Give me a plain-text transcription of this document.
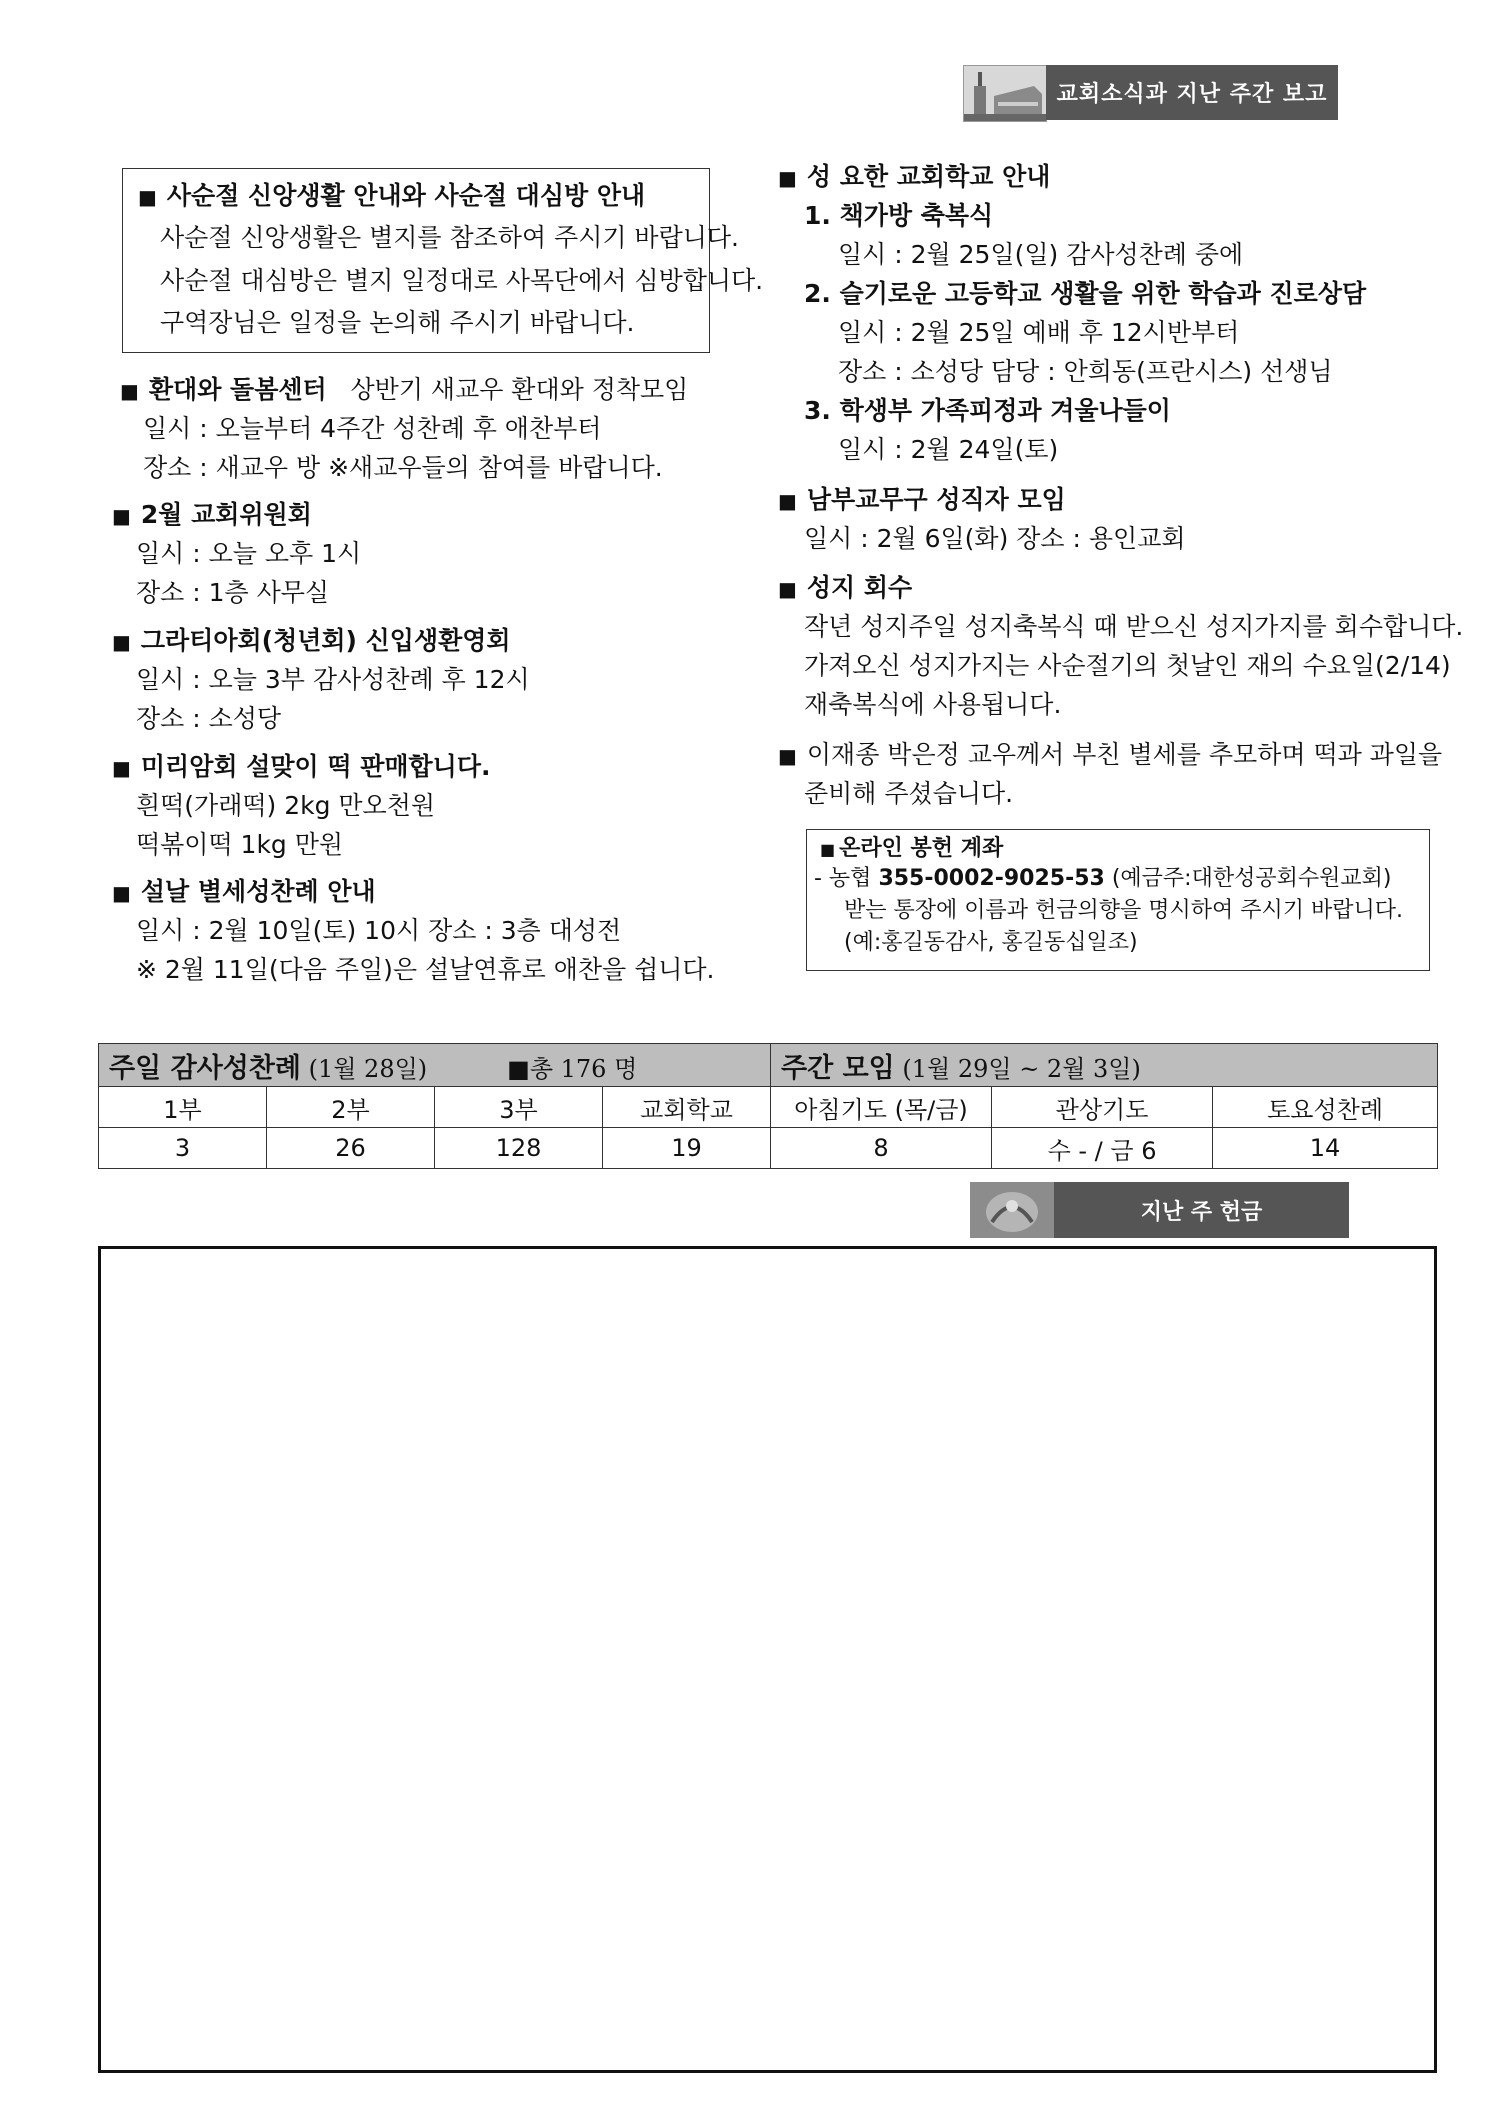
교회소식과 지난 주간 보고
■ 사순절 신앙생활 안내와 사순절 대심방 안내
사순절 신앙생활은 별지를 참조하여 주시기 바랍니다.
사순절 대심방은 별지 일정대로 사목단에서 심방합니다.
구역장님은 일정을 논의해 주시기 바랍니다.
■ 환대와 돌봄센터 상반기 새교우 환대와 정착모임
일시 : 오늘부터 4주간 성찬례 후 애찬부터
장소 : 새교우 방 ※새교우들의 참여를 바랍니다.
■ 2월 교회위원회
일시 : 오늘 오후 1시
장소 : 1층 사무실
■ 그라티아회(청년회) 신입생환영회
일시 : 오늘 3부 감사성찬례 후 12시
장소 : 소성당
■ 미리암회 설맞이 떡 판매합니다.
흰떡(가래떡) 2kg 만오천원
떡볶이떡 1kg 만원
■ 설날 별세성찬례 안내
일시 : 2월 10일(토) 10시 장소 : 3층 대성전
※ 2월 11일(다음 주일)은 설날연휴로 애찬을 쉽니다.
■ 성 요한 교회학교 안내
1. 책가방 축복식
일시 : 2월 25일(일) 감사성찬례 중에
2. 슬기로운 고등학교 생활을 위한 학습과 진로상담
일시 : 2월 25일 예배 후 12시반부터
장소 : 소성당 담당 : 안희동(프란시스) 선생님
3. 학생부 가족피정과 겨울나들이
일시 : 2월 24일(토)
■ 남부교무구 성직자 모임
일시 : 2월 6일(화) 장소 : 용인교회
■ 성지 회수
작년 성지주일 성지축복식 때 받으신 성지가지를 회수합니다.
가져오신 성지가지는 사순절기의 첫날인 재의 수요일(2/14)
재축복식에 사용됩니다.
■ 이재종 박은정 교우께서 부친 별세를 추모하며 떡과 과일을
준비해 주셨습니다.
■ 온라인 봉헌 계좌
- 농협 355-0002-9025-53 (예금주:대한성공회수원교회)
받는 통장에 이름과 헌금의향을 명시하여 주시기 바랍니다.
(예:홍길동감사, 홍길동십일조)
주일 감사성찬례 (1월 28일) ■총 176 명				주간 모임 (1월 29일 ~ 2월 3일)		
1부	2부	3부	교회학교	아침기도 (목/금)	관상기도	토요성찬례
3	26	128	19	8	수 - / 금 6	14
지난 주 헌금
